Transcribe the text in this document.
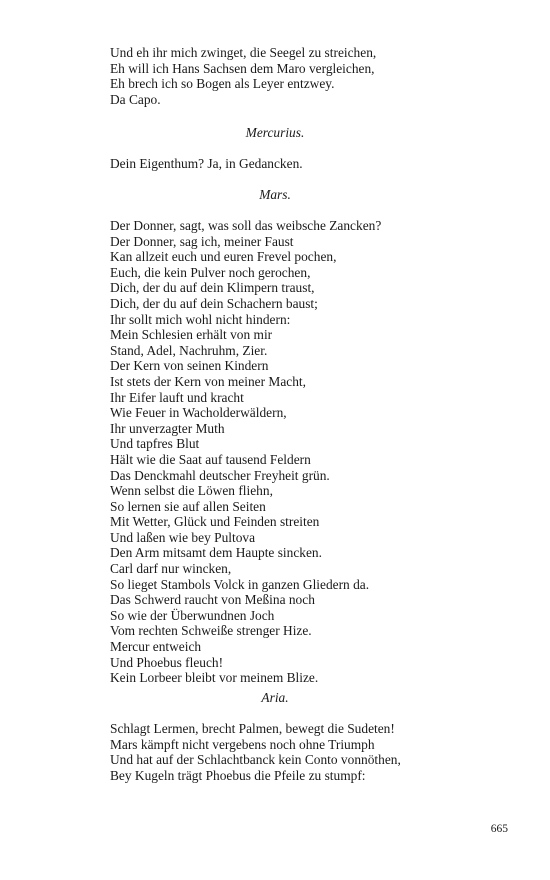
Und eh ihr mich zwinget, die Seegel zu streichen,
Eh will ich Hans Sachsen dem Maro vergleichen,
Eh brech ich so Bogen als Leyer entzwey.
Da Capo.

Mercurius.

Dein Eigenthum? Ja, in Gedancken.

Mars.

Der Donner, sagt, was soll das weibsche Zancken?
Der Donner, sag ich, meiner Faust
Kan allzeit euch und euren Frevel pochen,
Euch, die kein Pulver noch gerochen,
Dich, der du auf dein Klimpern traust,
Dich, der du auf dein Schachern baust;
Ihr sollt mich wohl nicht hindern:
Mein Schlesien erhält von mir
Stand, Adel, Nachruhm, Zier.
Der Kern von seinen Kindern
Ist stets der Kern von meiner Macht,
Ihr Eifer lauft und kracht
Wie Feuer in Wacholderwäldern,
Ihr unverzagter Muth
Und tapfres Blut
Hält wie die Saat auf tausend Feldern
Das Denckmahl deutscher Freyheit grün.
Wenn selbst die Löwen fliehn,
So lernen sie auf allen Seiten
Mit Wetter, Glück und Feinden streiten
Und laßen wie bey Pultova
Den Arm mitsamt dem Haupte sincken.
Carl darf nur wincken,
So lieget Stambols Volck in ganzen Gliedern da.
Das Schwerd raucht von Meßina noch
So wie der Überwundnen Joch
Vom rechten Schweiße strenger Hize.
Mercur entweich
Und Phoebus fleuch!
Kein Lorbeer bleibt vor meinem Blize.

Aria.

Schlagt Lermen, brecht Palmen, bewegt die Sudeten!
Mars kämpft nicht vergebens noch ohne Triumph
Und hat auf der Schlachtbanck kein Conto vonnöthen,
Bey Kugeln trägt Phoebus die Pfeile zu stumpf:
665
